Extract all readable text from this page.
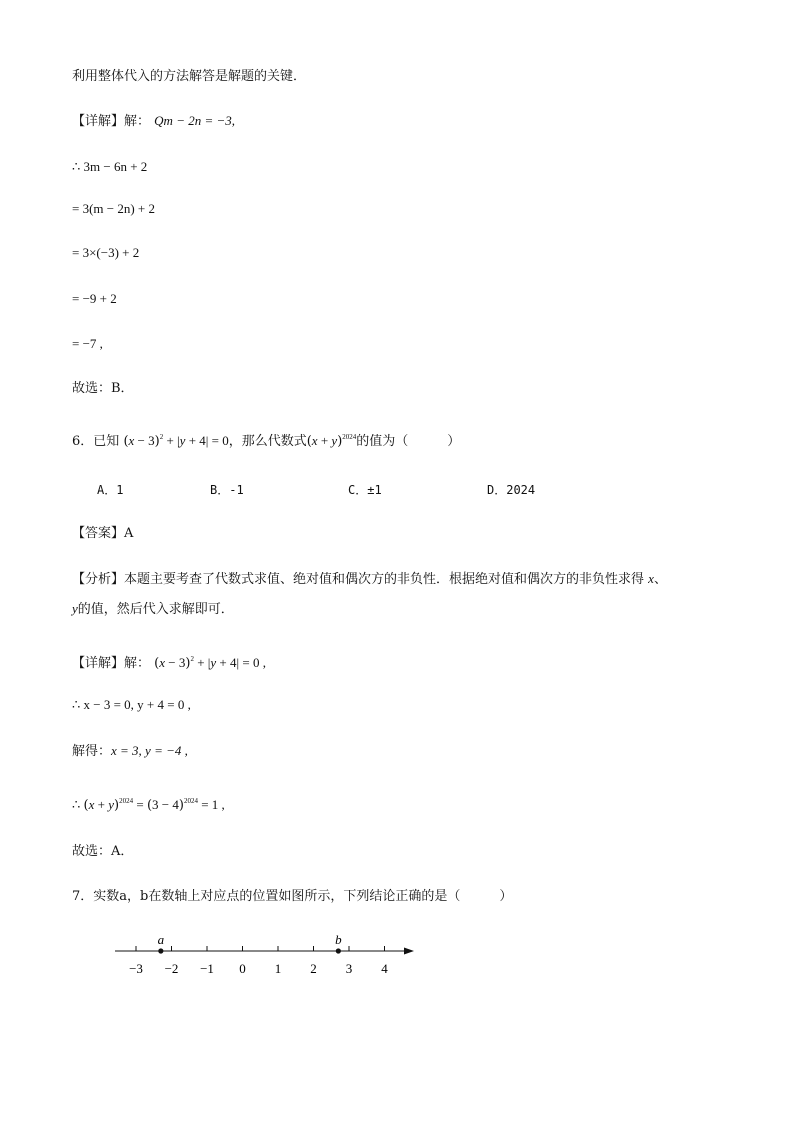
利用整体代入的方法解答是解题的关键．
【详解】解： Qm − 2n = −3,
∴ 3m − 6n + 2
= 3(m − 2n) + 2
= 3×(−3) + 2
= −9 + 2
= −7 ,
故选：B．
6．已知 $(x - 3)^2 + |y + 4| = 0$，那么代数式$(x + y)^{2024}$的值为（　　　）
A．1	B．-1	C．±1	D．2024
【答案】A
【分析】本题主要考查了代数式求值、绝对值和偶次方的非负性．根据绝对值和偶次方的非负性求得 x、
y的值，然后代入求解即可．
【详解】解： $(x - 3)^2 + |y + 4| = 0$ ,
∴ x − 3 = 0, y + 4 = 0 ,
解得：x = 3, y = −4 ,
∴ $(x + y)^{2024} = (3 - 4)^{2024} = 1$ ,
故选：A．
7．实数a，b在数轴上对应点的位置如图所示，下列结论正确的是（　　　）
−3 −2 −1 0 1 2 3 4
a	b
